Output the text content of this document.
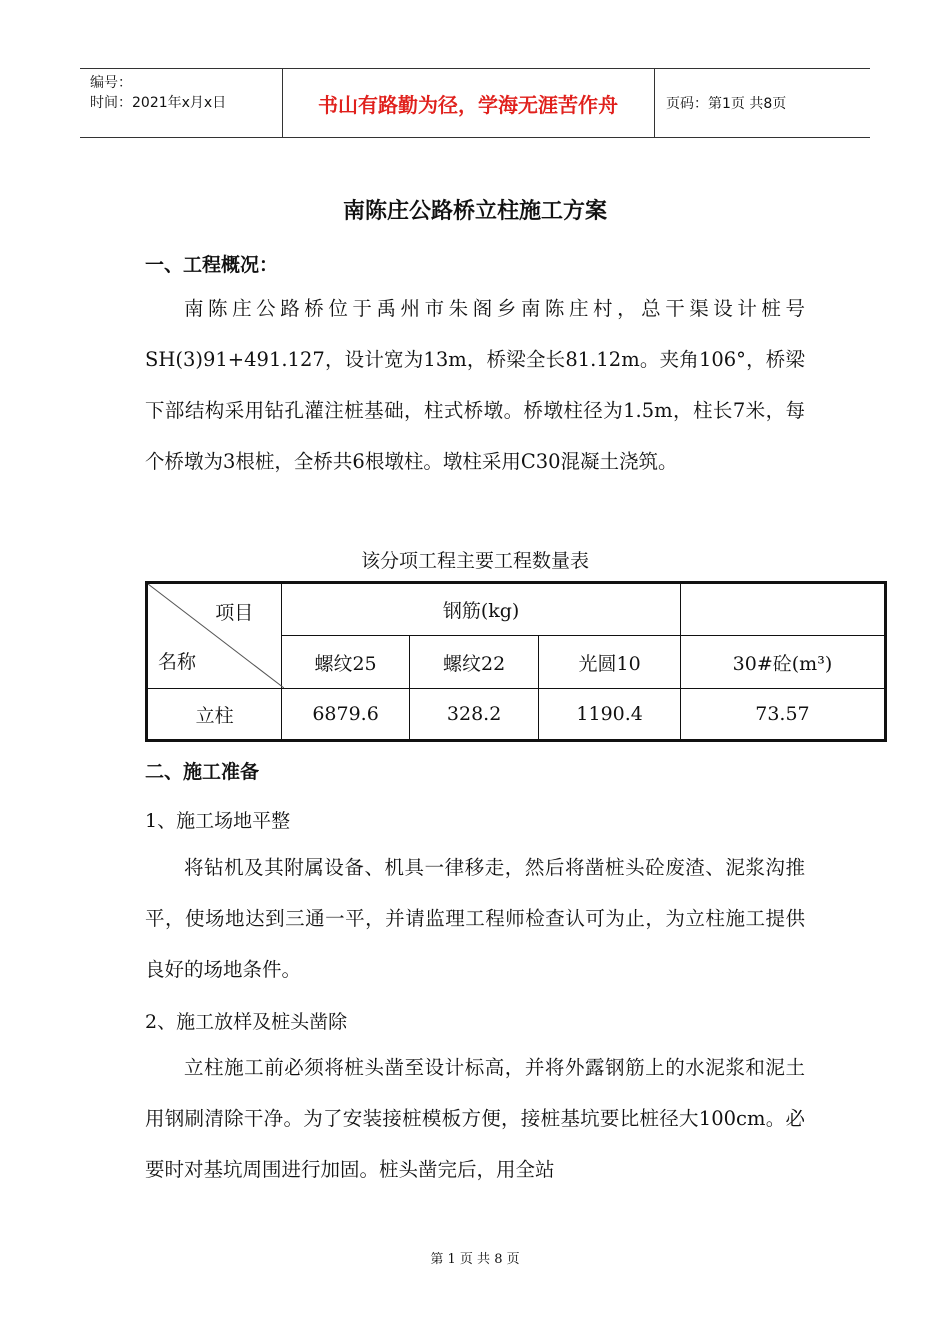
编号：
时间：2021年x月x日	书山有路勤为径，学海无涯苦作舟	页码：第1页 共8页
南陈庄公路桥立柱施工方案
一、工程概况：

南陈庄公路桥位于禹州市朱阁乡南陈庄村，总干渠设计桩号SH(3)91+491.127，设计宽为13m，桥梁全长81.12m。夹角106°，桥梁下部结构采用钻孔灌注桩基础，柱式桥墩。桥墩柱径为1.5m，柱长7米，每个桥墩为3根桩，全桥共6根墩柱。墩柱采用C30混凝土浇筑。

该分项工程主要工程数量表
项目
名称	钢筋(kg)			
	螺纹25	螺纹22	光圆10	30#砼(m³)
立柱	6879.6	328.2	1190.4	73.57
二、施工准备
1、施工场地平整

将钻机及其附属设备、机具一律移走，然后将凿桩头砼废渣、泥浆沟推平，使场地达到三通一平，并请监理工程师检查认可为止，为立柱施工提供良好的场地条件。

2、施工放样及桩头凿除

立柱施工前必须将桩头凿至设计标高，并将外露钢筋上的水泥浆和泥土用钢刷清除干净。为了安装接桩模板方便，接桩基坑要比桩径大100cm。必要时对基坑周围进行加固。桩头凿完后，用全站

第 1 页 共 8 页
